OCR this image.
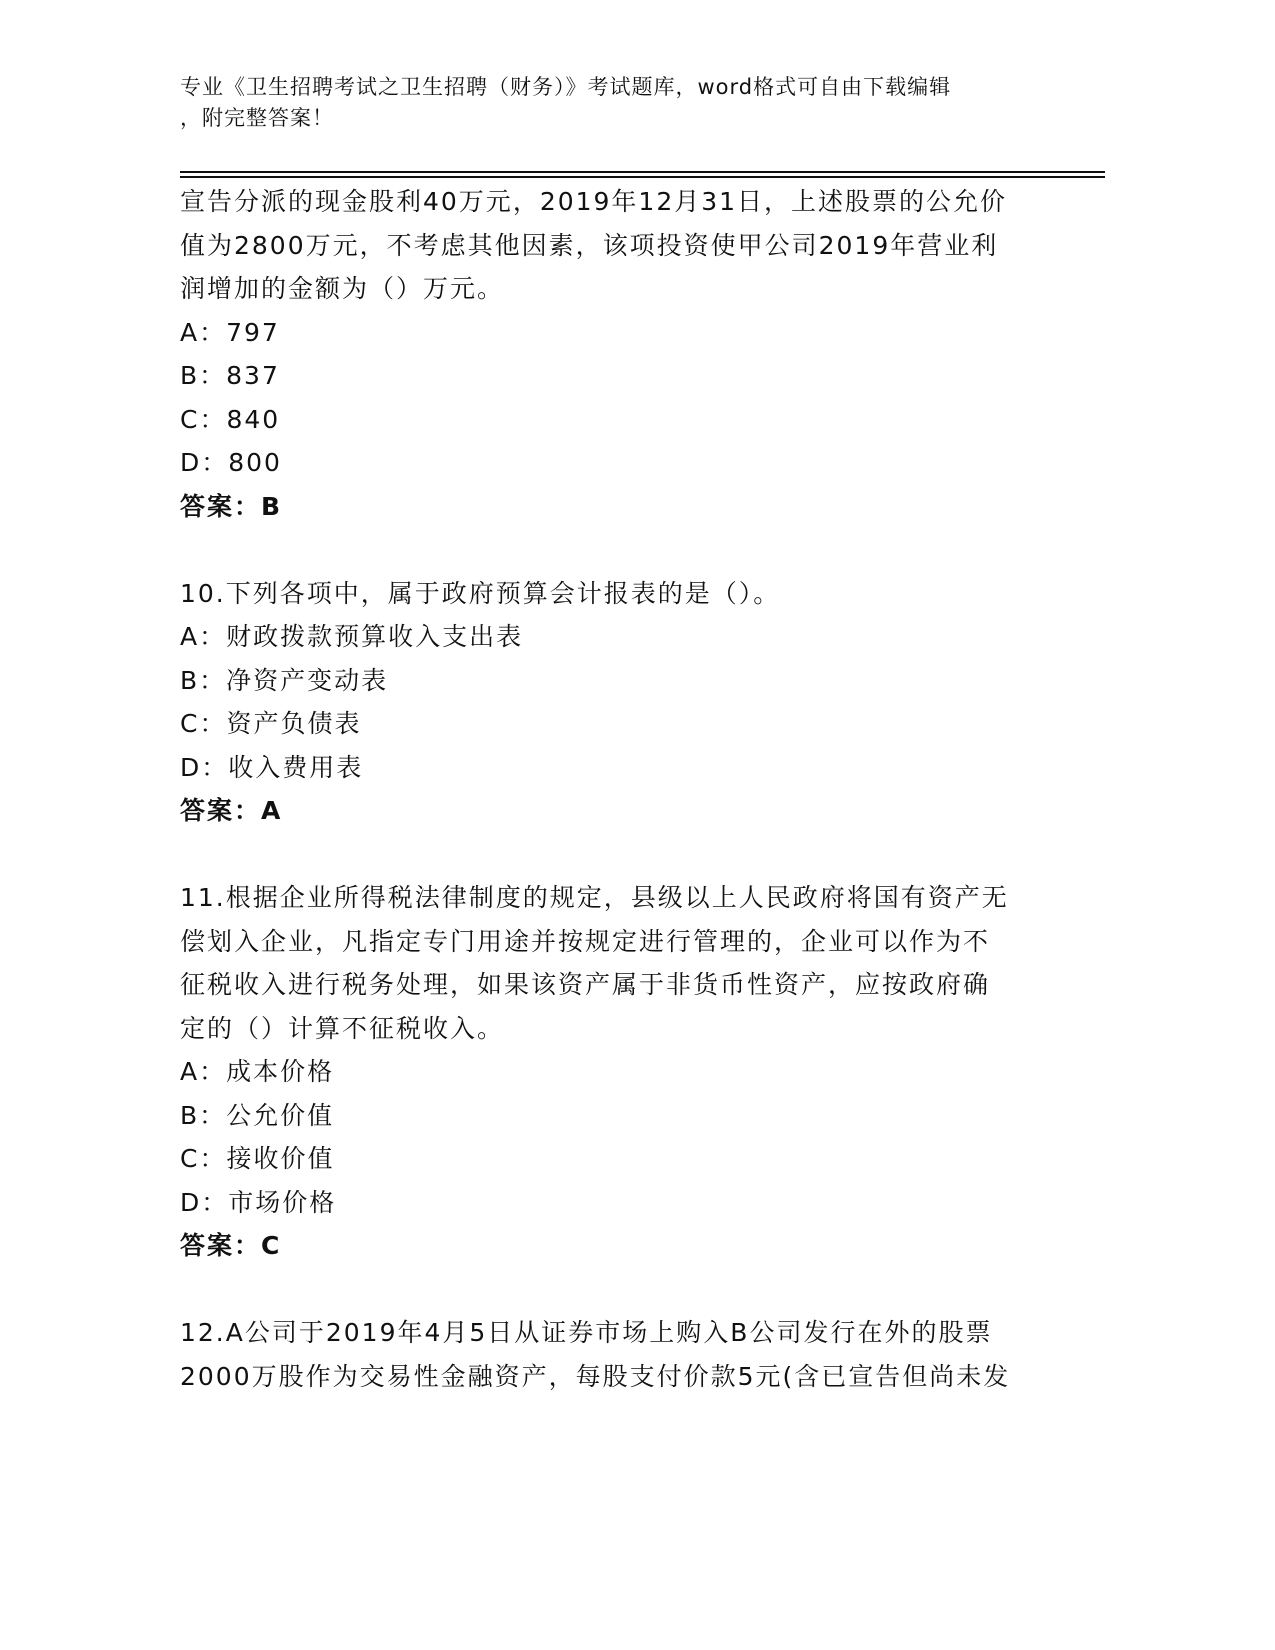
专业《卫生招聘考试之卫生招聘（财务）》考试题库，word格式可自由下载编辑
，附完整答案！
宣告分派的现金股利40万元，2019年12月31日，上述股票的公允价
值为2800万元，不考虑其他因素，该项投资使甲公司2019年营业利
润增加的金额为（）万元。
A：797
B：837
C：840
D：800
答案：B
10.下列各项中，属于政府预算会计报表的是（）。
A：财政拨款预算收入支出表
B：净资产变动表
C：资产负债表
D：收入费用表
答案：A
11.根据企业所得税法律制度的规定，县级以上人民政府将国有资产无
偿划入企业，凡指定专门用途并按规定进行管理的，企业可以作为不
征税收入进行税务处理，如果该资产属于非货币性资产，应按政府确
定的（）计算不征税收入。
A：成本价格
B：公允价值
C：接收价值
D：市场价格
答案：C
12.A公司于2019年4月5日从证券市场上购入B公司发行在外的股票
2000万股作为交易性金融资产，每股支付价款5元(含已宣告但尚未发
